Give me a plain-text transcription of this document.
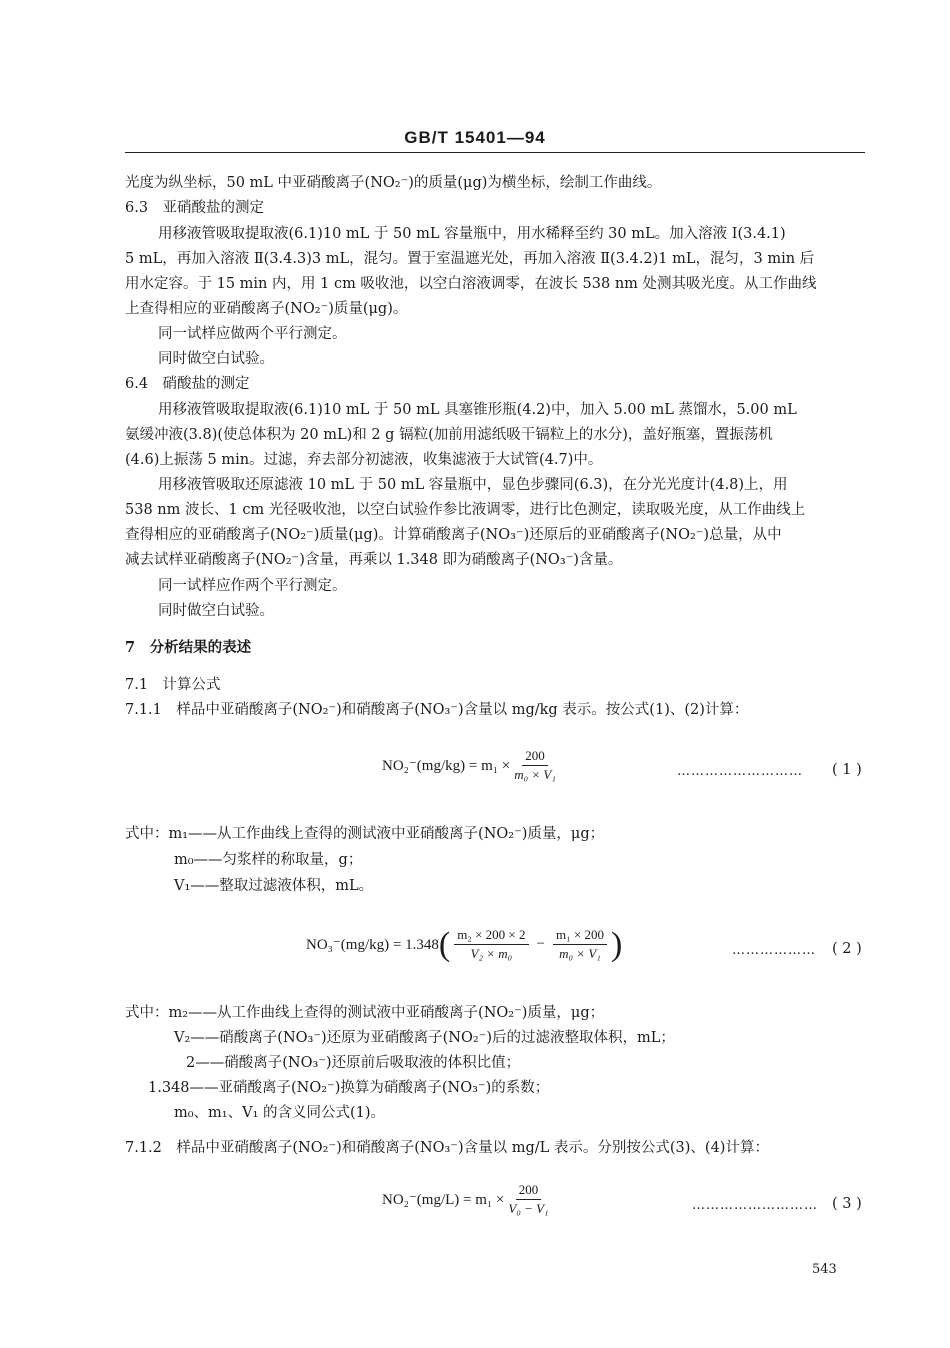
GB/T 15401—94
光度为纵坐标，50 mL 中亚硝酸离子(NO₂⁻)的质量(μg)为横坐标，绘制工作曲线。
6.3　亚硝酸盐的测定
用移液管吸取提取液(6.1)10 mL 于 50 mL 容量瓶中，用水稀释至约 30 mL。加入溶液 Ⅰ(3.4.1)
5 mL，再加入溶液 Ⅱ(3.4.3)3 mL，混匀。置于室温遮光处，再加入溶液 Ⅱ(3.4.2)1 mL，混匀，3 min 后
用水定容。于 15 min 内，用 1 cm 吸收池，以空白溶液调零，在波长 538 nm 处测其吸光度。从工作曲线
上查得相应的亚硝酸离子(NO₂⁻)质量(μg)。
同一试样应做两个平行测定。
同时做空白试验。
6.4　硝酸盐的测定
用移液管吸取提取液(6.1)10 mL 于 50 mL 具塞锥形瓶(4.2)中，加入 5.00 mL 蒸馏水，5.00 mL
氨缓冲液(3.8)(使总体积为 20 mL)和 2 g 镉粒(加前用滤纸吸干镉粒上的水分)，盖好瓶塞，置振荡机
(4.6)上振荡 5 min。过滤，弃去部分初滤液，收集滤液于大试管(4.7)中。
用移液管吸取还原滤液 10 mL 于 50 mL 容量瓶中，显色步骤同(6.3)，在分光光度计(4.8)上，用
538 nm 波长、1 cm 光径吸收池，以空白试验作参比液调零，进行比色测定，读取吸光度，从工作曲线上
查得相应的亚硝酸离子(NO₂⁻)质量(μg)。计算硝酸离子(NO₃⁻)还原后的亚硝酸离子(NO₂⁻)总量，从中
减去试样亚硝酸离子(NO₂⁻)含量，再乘以 1.348 即为硝酸离子(NO₃⁻)含量。
同一试样应作两个平行测定。
同时做空白试验。
7　分析结果的表述
7.1　计算公式
7.1.1　样品中亚硝酸离子(NO₂⁻)和硝酸离子(NO₃⁻)含量以 mg/kg 表示。按公式(1)、(2)计算：
$NO_2^-(mg/kg) = m_1 \times \frac{200}{\text{m₀ × V₁}}$	……………………… ( 1 )
式中：m₁——从工作曲线上查得的测试液中亚硝酸离子(NO₂⁻)质量，μg；
m₀——匀浆样的称取量，g；
V₁——整取过滤液体积，mL。
NO₃⁻(mg/kg) = 1.348 ( $\frac{\text{m₂ × 200 × 2}}{\text{V₂ × m₀}} - \frac{\text{m₁ × 200}}{\text{m₀ × V₁}}$ )	……………… ( 2 )
式中：m₂——从工作曲线上查得的测试液中亚硝酸离子(NO₂⁻)质量，μg；
V₂——硝酸离子(NO₃⁻)还原为亚硝酸离子(NO₂⁻)后的过滤液整取体积，mL；
2——硝酸离子(NO₃⁻)还原前后吸取液的体积比值；
1.348——亚硝酸离子(NO₂⁻)换算为硝酸离子(NO₃⁻)的系数；
m₀、m₁、V₁ 的含义同公式(1)。
7.1.2　样品中亚硝酸离子(NO₂⁻)和硝酸离子(NO₃⁻)含量以 mg/L 表示。分别按公式(3)、(4)计算：
$NO_2^-(mg/L) = m_1 \times \frac{200}{\text{V₀ − V₁}}$	……………………… ( 3 )
543
